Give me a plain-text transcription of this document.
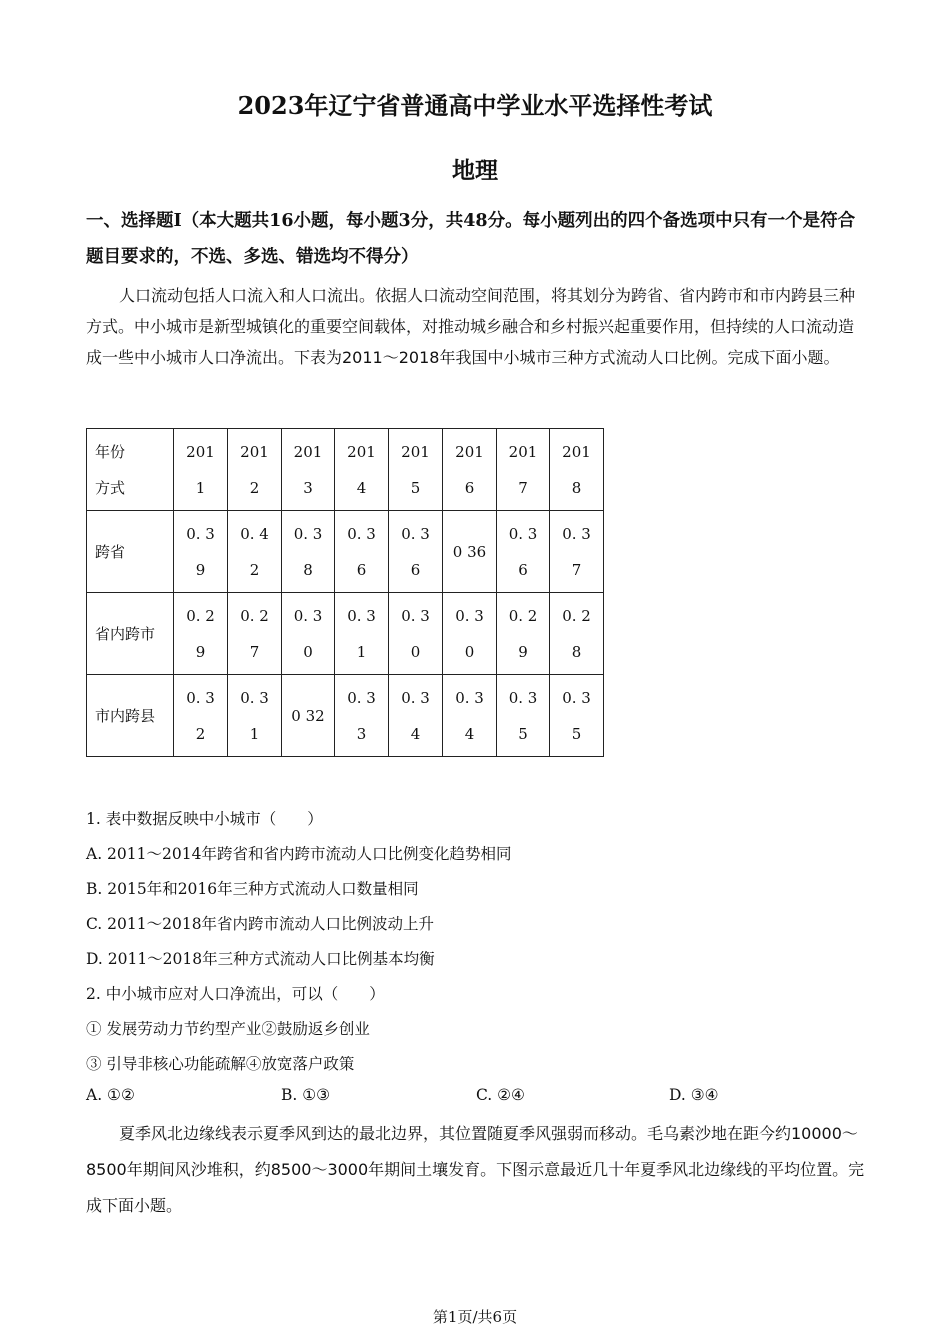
2023年辽宁省普通高中学业水平选择性考试
地理
一、选择题Ⅰ（本大题共16小题，每小题3分，共48分。每小题列出的四个备选项中只有一个是符合题目要求的，不选、多选、错选均不得分）
人口流动包括人口流入和人口流出。依据人口流动空间范围，将其划分为跨省、省内跨市和市内跨县三种方式。中小城市是新型城镇化的重要空间载体，对推动城乡融合和乡村振兴起重要作用，但持续的人口流动造成一些中小城市人口净流出。下表为2011～2018年我国中小城市三种方式流动人口比例。完成下面小题。
年份
方式	2011	2012	2013	2014	2015	2016	2017	2018
跨省	0. 39	0. 42	0. 38	0. 36	0. 36	0 36	0. 36	0. 37
省内跨市	0. 29	0. 27	0. 30	0. 31	0. 30	0. 30	0. 29	0. 28
市内跨县	0. 32	0. 31	0 32	0. 33	0. 34	0. 34	0. 35	0. 35
1. 表中数据反映中小城市（　　）
A. 2011～2014年跨省和省内跨市流动人口比例变化趋势相同
B. 2015年和2016年三种方式流动人口数量相同
C. 2011～2018年省内跨市流动人口比例波动上升
D. 2011～2018年三种方式流动人口比例基本均衡
2. 中小城市应对人口净流出，可以（　　）
① 发展劳动力节约型产业②鼓励返乡创业
③ 引导非核心功能疏解④放宽落户政策
A. ①②	B. ①③	C. ②④	D. ③④
夏季风北边缘线表示夏季风到达的最北边界，其位置随夏季风强弱而移动。毛乌素沙地在距今约10000～8500年期间风沙堆积，约8500～3000年期间土壤发育。下图示意最近几十年夏季风北边缘线的平均位置。完成下面小题。
第1页/共6页
